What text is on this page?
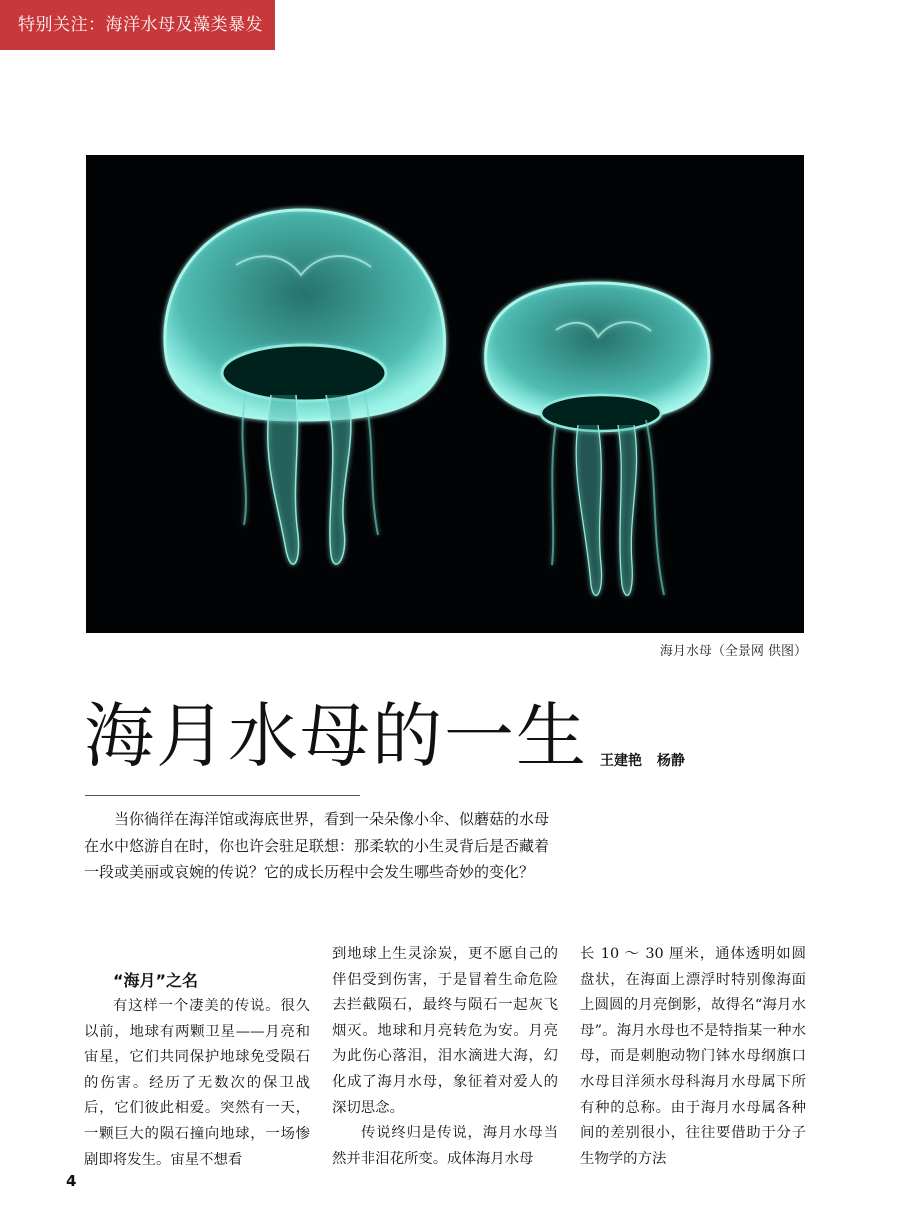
特别关注：海洋水母及藻类暴发
海月水母（全景网 供图）
海月水母的一生 王建艳 杨静

当你徜徉在海洋馆或海底世界，看到一朵朵像小伞、似蘑菇的水母在水中悠游自在时，你也许会驻足联想：那柔软的小生灵背后是否藏着一段或美丽或哀婉的传说？它的成长历程中会发生哪些奇妙的变化？

“海月”之名

有这样一个凄美的传说。很久以前，地球有两颗卫星——月亮和宙星，它们共同保护地球免受陨石的伤害。经历了无数次的保卫战后，它们彼此相爱。突然有一天，一颗巨大的陨石撞向地球，一场惨剧即将发生。宙星不想看

到地球上生灵涂炭，更不愿自己的伴侣受到伤害，于是冒着生命危险去拦截陨石，最终与陨石一起灰飞烟灭。地球和月亮转危为安。月亮为此伤心落泪，泪水滴进大海，幻化成了海月水母，象征着对爱人的深切思念。

传说终归是传说，海月水母当然并非泪花所变。成体海月水母

长 10 ～ 30 厘米，通体透明如圆盘状，在海面上漂浮时特别像海面上圆圆的月亮倒影，故得名“海月水母”。海月水母也不是特指某一种水母，而是刺胞动物门钵水母纲旗口水母目洋须水母科海月水母属下所有种的总称。由于海月水母属各种间的差别很小，往往要借助于分子生物学的方法

4
